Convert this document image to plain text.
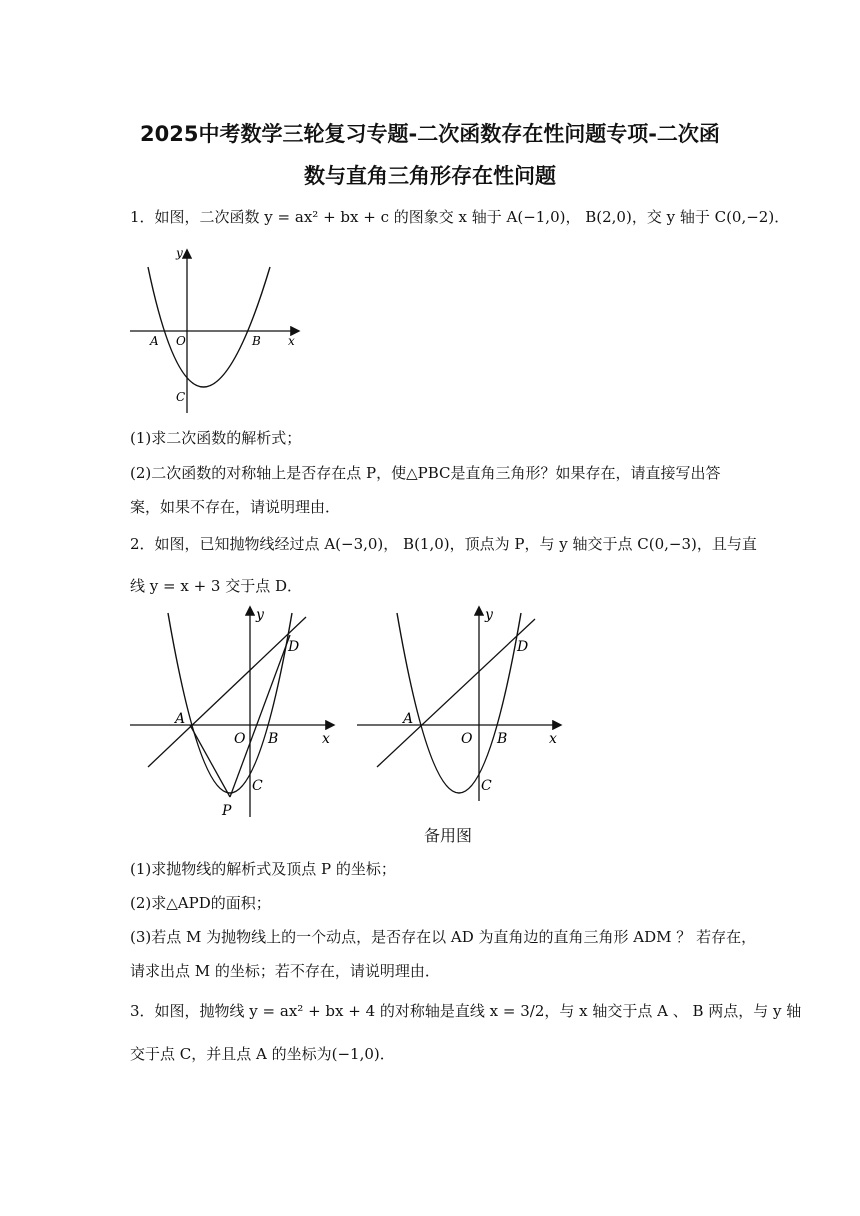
2025中考数学三轮复习专题-二次函数存在性问题专项-二次函
数与直角三角形存在性问题
1．如图，二次函数 y = ax² + bx + c 的图象交 x 轴于 A(−1,0)， B(2,0)，交 y 轴于 C(0,−2)．
y
x
O
A	B
C
(1)求二次函数的解析式；
(2)二次函数的对称轴上是否存在点 P，使△PBC是直角三角形？如果存在，请直接写出答
案，如果不存在，请说明理由．
2．如图，已知抛物线经过点 A(−3,0)， B(1,0)，顶点为 P，与 y 轴交于点 C(0,−3)，且与直
线 y = x + 3 交于点 D．
y
x
O
A
B
C
D
P
y
x
O
A
B
C
D
备用图
(1)求抛物线的解析式及顶点 P 的坐标；
(2)求△APD的面积；
(3)若点 M 为抛物线上的一个动点，是否存在以 AD 为直角边的直角三角形 ADM ？ 若存在，
请求出点 M 的坐标；若不存在，请说明理由．
3．如图，抛物线 y = ax² + bx + 4 的对称轴是直线 x = 3/2，与 x 轴交于点 A 、 B 两点，与 y 轴
交于点 C，并且点 A 的坐标为(−1,0)．
